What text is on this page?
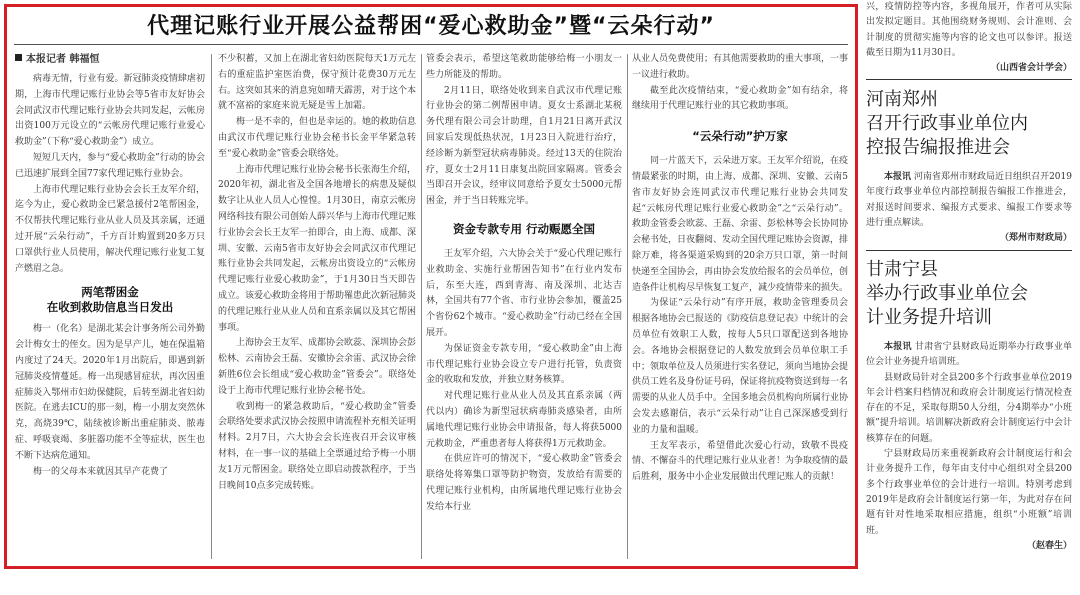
代理记账行业开展公益帮困“爱心救助金”暨“云朵行动”
本报记者 韩福恒

病毒无情，行业有爱。新冠肺炎疫情肆虐初期，上海市代理记账行业协会等5省市友好协会会同武汉市代理记账行业协会共同发起，云帐房出资100万元设立的“云帐房代理记账行业爱心救助金”（下称“爱心救助金”）成立。

短短几天内，参与“爱心救助金”行动的协会已迅速扩展到全国77家代理记账行业协会。

上海市代理记账行业协会会长王友军介绍，迄今为止，爱心救助金已紧急援付2笔帮困金，不仅帮扶代理记账行业从业人员及其亲属，还通过开展“云朵行动”，千方百计购置到20多万只口罩供行业人员使用，解决代理记账行业复工复产燃眉之急。

两笔帮困金
在收到救助信息当日发出

梅一（化名）是湖北某会计事务所公司外勤会计梅女士的侄女。因为是早产儿，她在保温箱内度过了24天。2020年1月出院后，即遇到新冠肺炎疫情蔓延。梅一出现感冒症状，再次因重症肺炎入鄂州市妇幼保健院，后转至湖北省妇幼医院。在逃去ICU的那一刻，梅一小朋友突然休克，高烧39℃，陆续被诊断出重症肺炎、脓毒症、呼吸衰竭、多脏器功能不全等症状，医生也不断下达病危通知。

梅一的父母本来就因其早产花费了

不少积蓄，又加上在湖北省妇幼医院每天1万元左右的重症监护室医治费，保守预计花费30万元左右。这突如其来的消息宛如晴天霹雳，对于这个本就不富裕的家庭来说无疑是雪上加霜。

梅一是不幸的，但也是幸运的。她的救助信息由武汉市代理记账行业协会秘书长金平华紧急转至“爱心救助金”管委会联络处。

上海市代理记账行业协会秘书长张海生介绍，2020年初，湖北省及全国各地增长的病患及疑似数字让从业人员人心惶惶。1月30日，南京云帐房网络科技有限公司创始人薛兴华与上海市代理记账行业协会会长王友军一拍即合，由上海、成都、深圳、安徽、云南5省市友好协会会同武汉市代理记账行业协会共同发起，云帐房出资设立的“云帐房代理记账行业爱心救助金”，于1月30日当天即告成立。该爱心救助金将用于帮助罹患此次新冠肺炎的代理记账行业从业人员和直系亲属以及其它帮困事项。

上海协会王友军、成都协会欧蕊、深圳协会彭松林、云南协会王磊、安徽协会余雷、武汉协会徐新胜6位会长组成“爱心救助金”管委会”。联络处设于上海市代理记账行业协会秘书处。

收到梅一的紧急救助后，“爱心救助金”管委会联络处要求武汉协会按照申请流程补充相关证明材料。2月7日，六大协会会长连夜召开会议审核材料，在一事一议的基础上全票通过给予梅一小朋友1万元帮困金。联络处立即启动拨款程序，于当日晚间10点多完成转账。

管委会表示，希望这笔救助能够给梅一小朋友一些力所能及的帮助。

2月11日，联络处收到来自武汉市代理记账行业协会的第二例帮困申请。夏女士系湖北某税务代理有限公司会计助理，自1月21日离开武汉回家后发现低热状况，1月23日入院进行治疗，经诊断为新型冠状病毒肺炎。经过13天的住院治疗，夏女士2月11日康复出院回家隔离。管委会当即召开会议，经审议同意给予夏女士5000元帮困金，并于当日转账完毕。

资金专款专用 行动赈愿全国

王友军介绍，六大协会关于“爱心代理记账行业救助金、实施行业帮困告知书”在行业内发布后，东至大连，西到青海、南及深圳、北达吉林，全国共有77个省、市行业协会参加，覆盖25个省份62个城市。“爱心救助金”行动已经在全国展开。

为保证资金专款专用，“爱心救助金”由上海市代理记账行业协会设立专户进行托管，负责资金的收取和发放，并独立财务核算。

对代理记账行业从业人员及其直系亲属（两代以内）确诊为新型冠状病毒肺炎感染者，由所属地代理记账行业协会申请报备，每人将获5000元救助金，严重患者每人将获得1万元救助金。

在供应许可的情况下，“爱心救助金”管委会联络处将筹集口罩等防护物资，发放给有需要的代理记账行业机构，由所属地代理记账行业协会发给本行业

从业人员免费使用；有其他需要救助的重大事项，一事一议进行救助。

截至此次疫情结束，“爱心救助金”如有结余，将继续用于代理记账行业的其它救助事项。

“云朵行动”护万家

同一片蓝天下，云朵进万家。王友军介绍说，在疫情最紧张的时期，由上海、成都、深圳、安徽、云南5省市友好协会连同武汉市代理记账行业协会共同发起“云帐房代理记账行业爱心救助金”之“云朵行动”。救助金管委会欧蕊、王磊、余雷、彭松林等会长协同协会秘书处，日夜翻阅、发动全国代理记账协会资源，排除万难，将各渠道采购到的20余万只口罩，第一时间快递至全国协会，再由协会发放给报名的会员单位，创造条件让机构尽早恢复工复产，减少疫情带来的损失。

为保证“云朵行动”有序开展，救助金管理委员会根据各地协会已报送的《防疫信息登记表》中统计的会员单位有效职工人数，按每人5只口罩配送到各地协会。各地协会根据登记的人数发放到会员单位职工手中；领取单位及人员须进行实名登记，须向当地协会提供员工姓名及身份证号码，保证将抗疫物资送到每一名需要的从业人员手中。全国多地会员机构向所属行业协会发去感谢信，表示“云朵行动”让自己深深感受到行业的力量和温暖。

王友军表示，希望借此次爱心行动，致敬不畏疫情、不懈奋斗的代理记账行业从业者！为争取疫情的最后胜利，服务中小企业发展做出代理记账人的贡献！

兴，疫情防控等内容，多视角展开，作者可从实际出发拟定题目。其他围绕财务规则、会计准则、会计制度的贯彻实施等内容的论文也可以参评。报送截至日期为11月30日。
（山西省会计学会）
河南郑州
召开行政事业单位内
控报告编报推进会

本报讯 河南省郑州市财政局近日组织召开2019年度行政事业单位内部控制报告编报工作推进会，对报送时间要求、编报方式要求、编报工作要求等进行重点解读。

（郑州市财政局）
甘肃宁县
举办行政事业单位会
计业务提升培训

本报讯 甘肃省宁县财政局近期举办行政事业单位会计业务提升培训班。

县财政局针对全县200多个行政事业单位2019年会计档案归档情况和政府会计制度运行情况检查存在的不足，采取每期50人分组，分4期举办“小班额”提升培训。培训解决新政府会计制度运行中会计核算存在的问题。

宁县财政局历来重视新政府会计制度运行和会计业务提升工作，每年由支付中心组织对全县200多个行政事业单位的会计进行一培训。特别考虑到2019年是政府会计制度运行第一年，为此对存在问题有针对性地采取相应措施，组织“小班额”培训班。

（赵春生）
